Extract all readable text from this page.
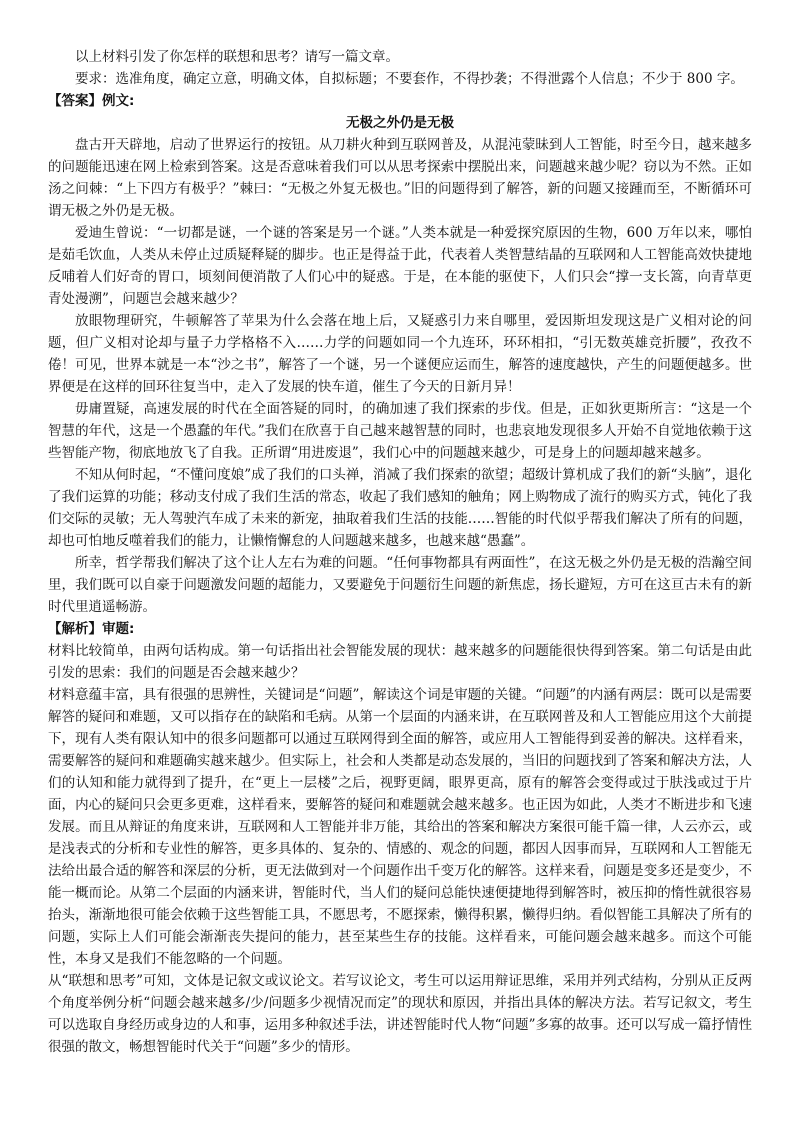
以上材料引发了你怎样的联想和思考？请写一篇文章。

要求：选准角度，确定立意，明确文体，自拟标题；不要套作，不得抄袭；不得泄露个人信息；不少于 800 字。

【答案】例文:

无极之外仍是无极

盘古开天辟地，启动了世界运行的按钮。从刀耕火种到互联网普及，从混沌蒙昧到人工智能，时至今日，越来越多的问题能迅速在网上检索到答案。这是否意味着我们可以从思考探索中摆脱出来，问题越来越少呢？窃以为不然。正如汤之问棘：“上下四方有极乎？”棘曰：“无极之外复无极也。”旧的问题得到了解答，新的问题又接踵而至，不断循环可谓无极之外仍是无极。

爱迪生曾说：“一切都是谜，一个谜的答案是另一个谜。”人类本就是一种爱探究原因的生物，600 万年以来，哪怕是茹毛饮血，人类从未停止过质疑释疑的脚步。也正是得益于此，代表着人类智慧结晶的互联网和人工智能高效快捷地反哺着人们好奇的胃口，顷刻间便消散了人们心中的疑惑。于是，在本能的驱使下，人们只会“撑一支长篙，向青草更青处漫溯”，问题岂会越来越少？

放眼物理研究，牛顿解答了苹果为什么会落在地上后，又疑惑引力来自哪里，爱因斯坦发现这是广义相对论的问题，但广义相对论却与量子力学格格不入……力学的问题如同一个九连环，环环相扣，“引无数英雄竞折腰”，孜孜不倦！可见，世界本就是一本“沙之书”，解答了一个谜，另一个谜便应运而生，解答的速度越快，产生的问题便越多。世界便是在这样的回环往复当中，走入了发展的快车道，催生了今天的日新月异！

毋庸置疑，高速发展的时代在全面答疑的同时，的确加速了我们探索的步伐。但是，正如狄更斯所言：“这是一个智慧的年代，这是一个愚蠢的年代。”我们在欣喜于自己越来越智慧的同时，也悲哀地发现很多人开始不自觉地依赖于这些智能产物，彻底地放飞了自我。正所谓“用进废退”，我们心中的问题越来越少，可是身上的问题却越来越多。

不知从何时起，“不懂问度娘”成了我们的口头禅，消减了我们探索的欲望；超级计算机成了我们的新“头脑”，退化了我们运算的功能；移动支付成了我们生活的常态，收起了我们感知的触角；网上购物成了流行的购买方式，钝化了我们交际的灵敏；无人驾驶汽车成了未来的新宠，抽取着我们生活的技能……智能的时代似乎帮我们解决了所有的问题，却也可怕地反噬着我们的能力，让懒惰懈怠的人问题越来越多，也越来越“愚蠢”。

所幸，哲学帮我们解决了这个让人左右为难的问题。“任何事物都具有两面性”，在这无极之外仍是无极的浩瀚空间里，我们既可以自豪于问题激发问题的超能力，又要避免于问题衍生问题的新焦虑，扬长避短，方可在这亘古未有的新时代里逍遥畅游。

【解析】审题:

材料比较简单，由两句话构成。第一句话指出社会智能发展的现状：越来越多的问题能很快得到答案。第二句话是由此引发的思索：我们的问题是否会越来越少？

材料意蕴丰富，具有很强的思辨性，关键词是“问题”，解读这个词是审题的关键。“问题”的内涵有两层：既可以是需要解答的疑问和难题，又可以指存在的缺陷和毛病。从第一个层面的内涵来讲，在互联网普及和人工智能应用这个大前提下，现有人类有限认知中的很多问题都可以通过互联网得到全面的解答，或应用人工智能得到妥善的解决。这样看来，需要解答的疑问和难题确实越来越少。但实际上，社会和人类都是动态发展的，当旧的问题找到了答案和解决方法，人们的认知和能力就得到了提升，在“更上一层楼”之后，视野更阔，眼界更高，原有的解答会变得或过于肤浅或过于片面，内心的疑问只会更多更难，这样看来，要解答的疑问和难题就会越来越多。也正因为如此，人类才不断进步和飞速发展。而且从辩证的角度来讲，互联网和人工智能并非万能，其给出的答案和解决方案很可能千篇一律，人云亦云，或是浅表式的分析和专业性的解答，更多具体的、复杂的、情感的、观念的问题，都因人因事而异，互联网和人工智能无法给出最合适的解答和深层的分析，更无法做到对一个问题作出千变万化的解答。这样来看，问题是变多还是变少，不能一概而论。从第二个层面的内涵来讲，智能时代，当人们的疑问总能快速便捷地得到解答时，被压抑的惰性就很容易抬头，渐渐地很可能会依赖于这些智能工具，不愿思考，不愿探索，懒得积累，懒得归纳。看似智能工具解决了所有的问题，实际上人们可能会渐渐丧失提问的能力，甚至某些生存的技能。这样看来，可能问题会越来越多。而这个可能性，本身又是我们不能忽略的一个问题。

从“联想和思考”可知，文体是记叙文或议论文。若写议论文，考生可以运用辩证思维，采用并列式结构，分别从正反两个角度举例分析“问题会越来越多/少/问题多少视情况而定”的现状和原因，并指出具体的解决方法。若写记叙文，考生可以选取自身经历或身边的人和事，运用多种叙述手法，讲述智能时代人物“问题”多寡的故事。还可以写成一篇抒情性很强的散文，畅想智能时代关于“问题”多少的情形。
